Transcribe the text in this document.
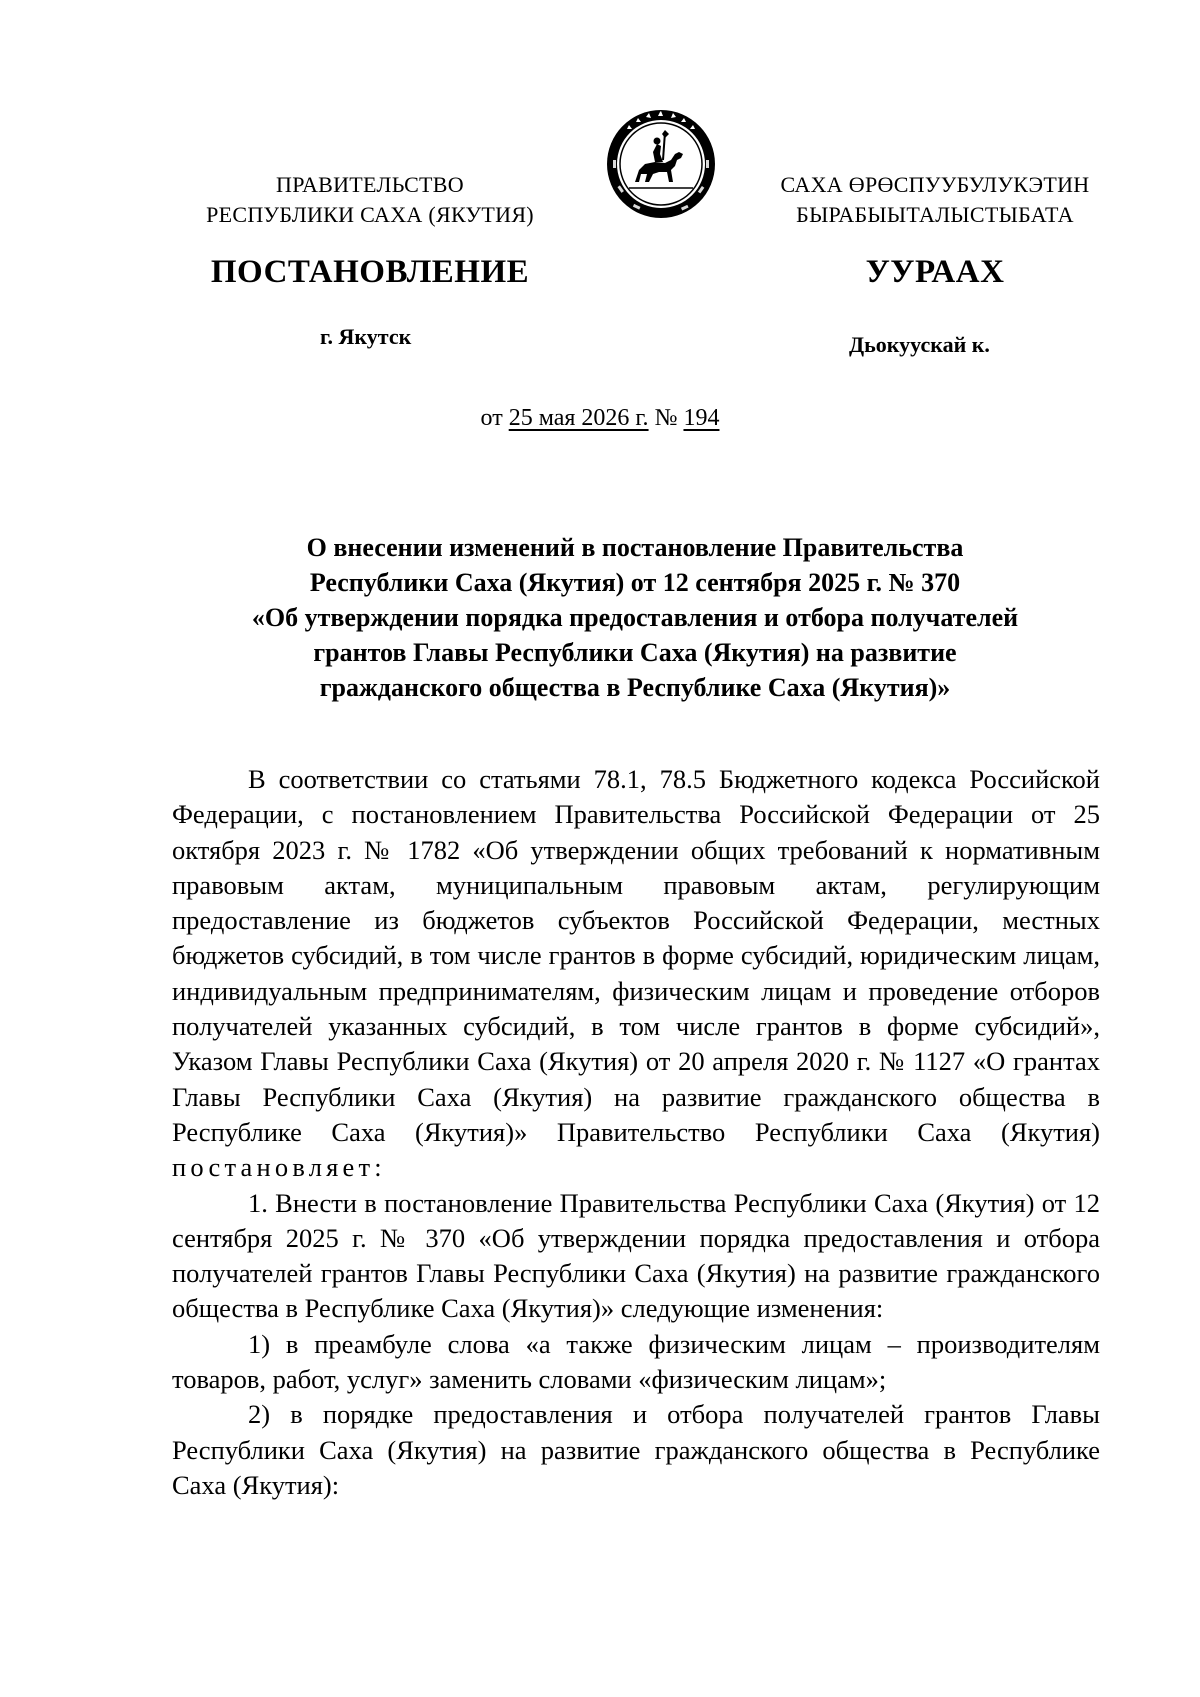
ПРАВИТЕЛЬСТВО
РЕСПУБЛИКИ САХА (ЯКУТИЯ)
САХА ӨРӨСПУУБУЛУКЭТИН
БЫРАБЫЫТАЛЫСТЫБАТА
ПОСТАНОВЛЕНИЕ	УУРААХ
г. Якутск	Дьокуускай к.
от 25 мая 2026 г. № 194
О внесении изменений в постановление Правительства
Республики Саха (Якутия) от 12 сентября 2025 г. № 370
«Об утверждении порядка предоставления и отбора получателей
грантов Главы Республики Саха (Якутия) на развитие
гражданского общества в Республике Саха (Якутия)»

В соответствии со статьями 78.1, 78.5 Бюджетного кодекса Российской Федерации, с постановлением Правительства Российской Федерации от 25 октября 2023 г. № 1782 «Об утверждении общих требований к нормативным правовым актам, муниципальным правовым актам, регулирующим предоставление из бюджетов субъектов Российской Федерации, местных бюджетов субсидий, в том числе грантов в форме субсидий, юридическим лицам, индивидуальным предпринимателям, физическим лицам и проведение отборов получателей указанных субсидий, в том числе грантов в форме субсидий», Указом Главы Республики Саха (Якутия) от 20 апреля 2020 г. № 1127 «О грантах Главы Республики Саха (Якутия) на развитие гражданского общества в Республике Саха (Якутия)» Правительство Республики Саха (Якутия) постановляет:

1. Внести в постановление Правительства Республики Саха (Якутия) от 12 сентября 2025 г. № 370 «Об утверждении порядка предоставления и отбора получателей грантов Главы Республики Саха (Якутия) на развитие гражданского общества в Республике Саха (Якутия)» следующие изменения:

1) в преамбуле слова «а также физическим лицам – производителям товаров, работ, услуг» заменить словами «физическим лицам»;

2) в порядке предоставления и отбора получателей грантов Главы Республики Саха (Якутия) на развитие гражданского общества в Республике Саха (Якутия):
